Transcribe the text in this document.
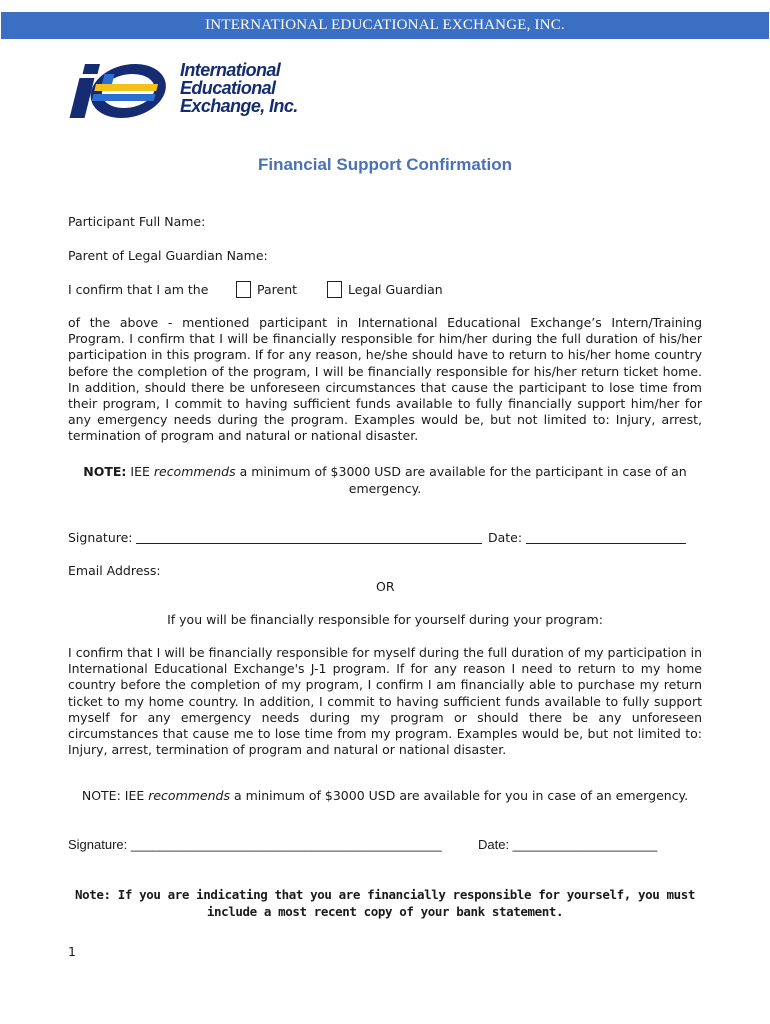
INTERNATIONAL EDUCATIONAL EXCHANGE, INC.
International
Educational
Exchange, Inc.
Financial Support Confirmation
Participant Full Name:
Parent of Legal Guardian Name:
I confirm that I am the	Parent	Legal Guardian
of the above - mentioned participant in International Educational Exchange’s Intern/Training Program. I confirm that I will be financially responsible for him/her during the full duration of his/her participation in this program. If for any reason, he/she should have to return to his/her home country before the completion of the program, I will be financially responsible for his/her return ticket home. In addition, should there be unforeseen circumstances that cause the participant to lose time from their program, I commit to having sufficient funds available to fully financially support him/her for any emergency needs during the program. Examples would be, but not limited to: Injury, arrest, termination of program and natural or national disaster.
NOTE: IEE recommends a minimum of $3000 USD are available for the participant in case of an emergency.
Signature:	Date:
Email Address:
OR
If you will be financially responsible for yourself during your program:
I confirm that I will be financially responsible for myself during the full duration of my participation in International Educational Exchange's J-1 program. If for any reason I need to return to my home country before the completion of my program, I confirm I am financially able to purchase my return ticket to my home country. In addition, I commit to having sufficient funds available to fully support myself for any emergency needs during my program or should there be any unforeseen circumstances that cause me to lose time from my program. Examples would be, but not limited to: Injury, arrest, termination of program and natural or national disaster.
NOTE: IEE recommends a minimum of $3000 USD are available for you in case of an emergency.
Signature: ___________________________________________	Date: ____________________
Note: If you are indicating that you are financially responsible for yourself, you must include a most recent copy of your bank statement.
1
